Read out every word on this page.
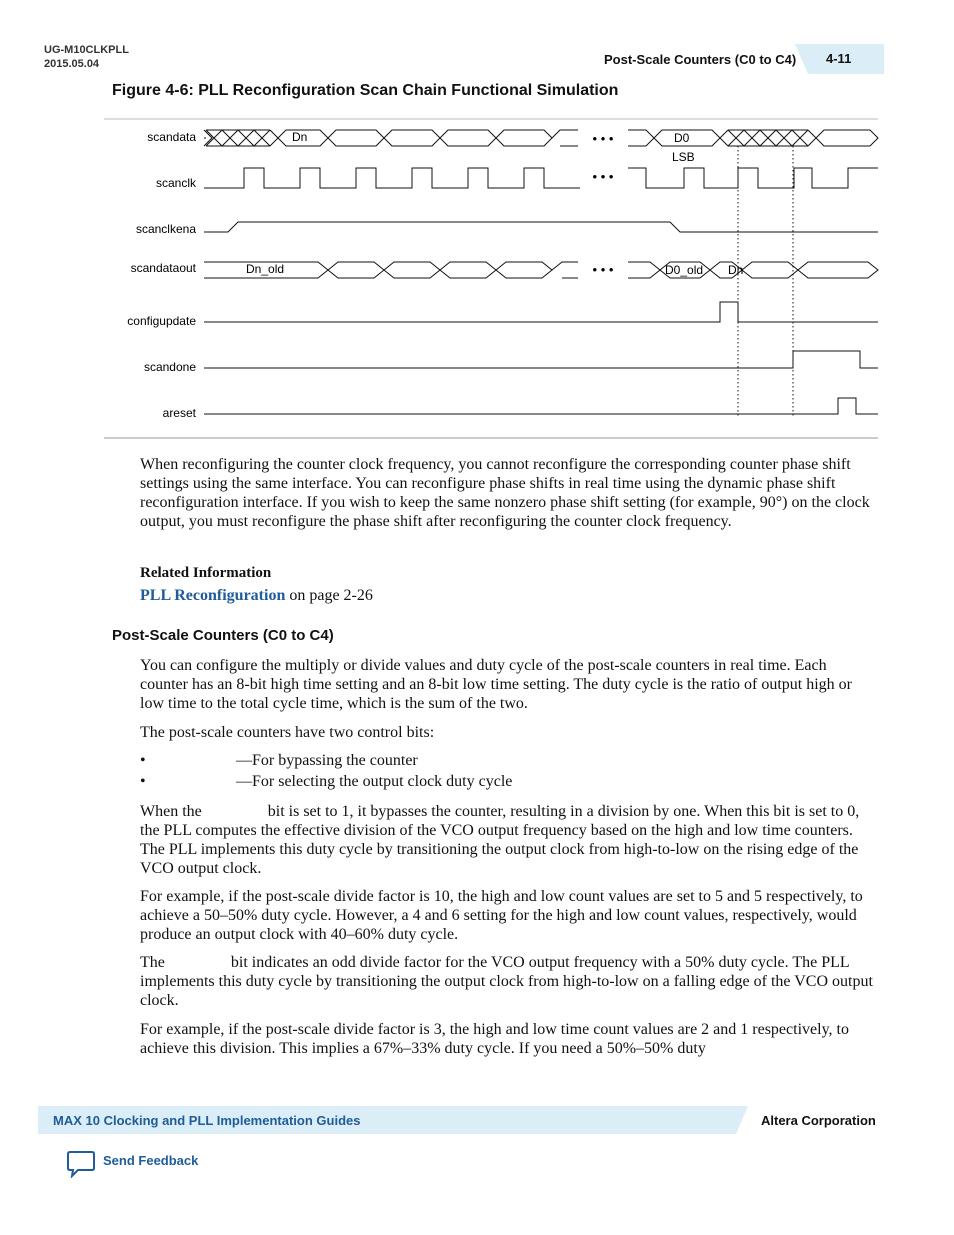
UG-M10CLKPLL
2015.05.04	Post-Scale Counters (C0 to C4) 4-11
Figure 4-6: PLL Reconfiguration Scan Chain Functional Simulation
scandata
scanclk
scanclkena
scandataout
configupdate
scandone
areset
• • •
• • •
• • •
Dn	D0
LSB
Dn_old	D0_old Dn

When reconfiguring the counter clock frequency, you cannot reconfigure the corresponding counter phase shift settings using the same interface. You can reconfigure phase shifts in real time using the dynamic phase shift reconfiguration interface. If you wish to keep the same nonzero phase shift setting (for example, 90°) on the clock output, you must reconfigure the phase shift after reconfiguring the counter clock frequency.

Related Information
PLL Reconfiguration on page 2-26
Post-Scale Counters (C0 to C4)

You can configure the multiply or divide values and duty cycle of the post-scale counters in real time. Each counter has an 8-bit high time setting and an 8-bit low time setting. The duty cycle is the ratio of output high or low time to the total cycle time, which is the sum of the two.

The post-scale counters have two control bits:

•	—For bypassing the counter
•	—For selecting the output clock duty cycle

When the	bit is set to 1, it bypasses the counter, resulting in a division by one. When this bit is set to 0, the PLL computes the effective division of the VCO output frequency based on the high and low time counters. The PLL implements this duty cycle by transitioning the output clock from high-to-low on the rising edge of the VCO output clock.

For example, if the post-scale divide factor is 10, the high and low count values are set to 5 and 5 respectively, to achieve a 50–50% duty cycle. However, a 4 and 6 setting for the high and low count values, respectively, would produce an output clock with 40–60% duty cycle.

The	bit indicates an odd divide factor for the VCO output frequency with a 50% duty cycle. The PLL implements this duty cycle by transitioning the output clock from high-to-low on a falling edge of the VCO output clock.

For example, if the post-scale divide factor is 3, the high and low time count values are 2 and 1 respectively, to achieve this division. This implies a 67%–33% duty cycle. If you need a 50%–50% duty

MAX 10 Clocking and PLL Implementation Guides	Altera Corporation
Send Feedback
